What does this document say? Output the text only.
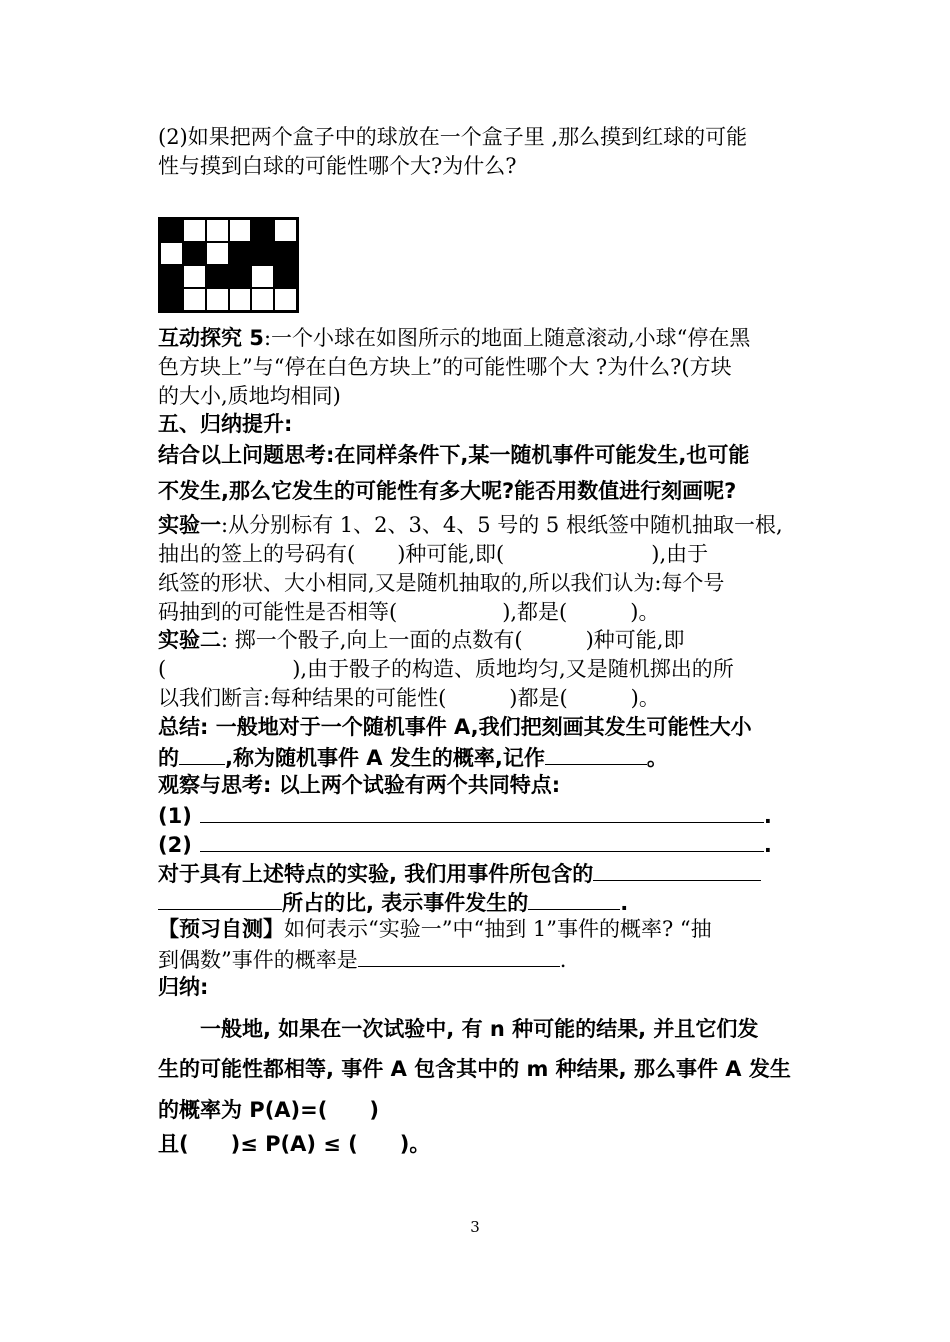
(2)如果把两个盒子中的球放在一个盒子里 ,那么摸到红球的可能
性与摸到白球的可能性哪个大?为什么?
互动探究 5:一个小球在如图所示的地面上随意滚动,小球“停在黑
色方块上”与“停在白色方块上”的可能性哪个大 ?为什么?(方块
的大小,质地均相同)
五、归纳提升:
结合以上问题思考:在同样条件下,某一随机事件可能发生,也可能
不发生,那么它发生的可能性有多大呢?能否用数值进行刻画呢?
实验一:从分别标有 1、2、3、4、5 号的 5 根纸签中随机抽取一根,
抽出的签上的号码有(　　)种可能,即(　　　　　　　),由于
纸签的形状、大小相同,又是随机抽取的,所以我们认为:每个号
码抽到的可能性是否相等(　　　　　),都是(　　　)。
实验二: 掷一个骰子,向上一面的点数有(　　　)种可能,即
(　　　　　　),由于骰子的构造、质地均匀,又是随机掷出的所
以我们断言:每种结果的可能性(　　　)都是(　　　)。
总结: 一般地对于一个随机事件 A,我们把刻画其发生可能性大小
的 ,称为随机事件 A 发生的概率,记作	。
观察与思考: 以上两个试验有两个共同特点:
(1)	.
(2)	.
对于具有上述特点的实验, 我们用事件所包含的
所占的比, 表示事件发生的	.
【预习自测】如何表示“实验一”中“抽到 1”事件的概率? “抽
到偶数”事件的概率是	.
归纳:
一般地, 如果在一次试验中, 有 n 种可能的结果, 并且它们发
生的可能性都相等, 事件 A 包含其中的 m 种结果, 那么事件 A 发生
的概率为 P(A)=(　　)
且(　　)≤ P(A) ≤ (　　)。
3
